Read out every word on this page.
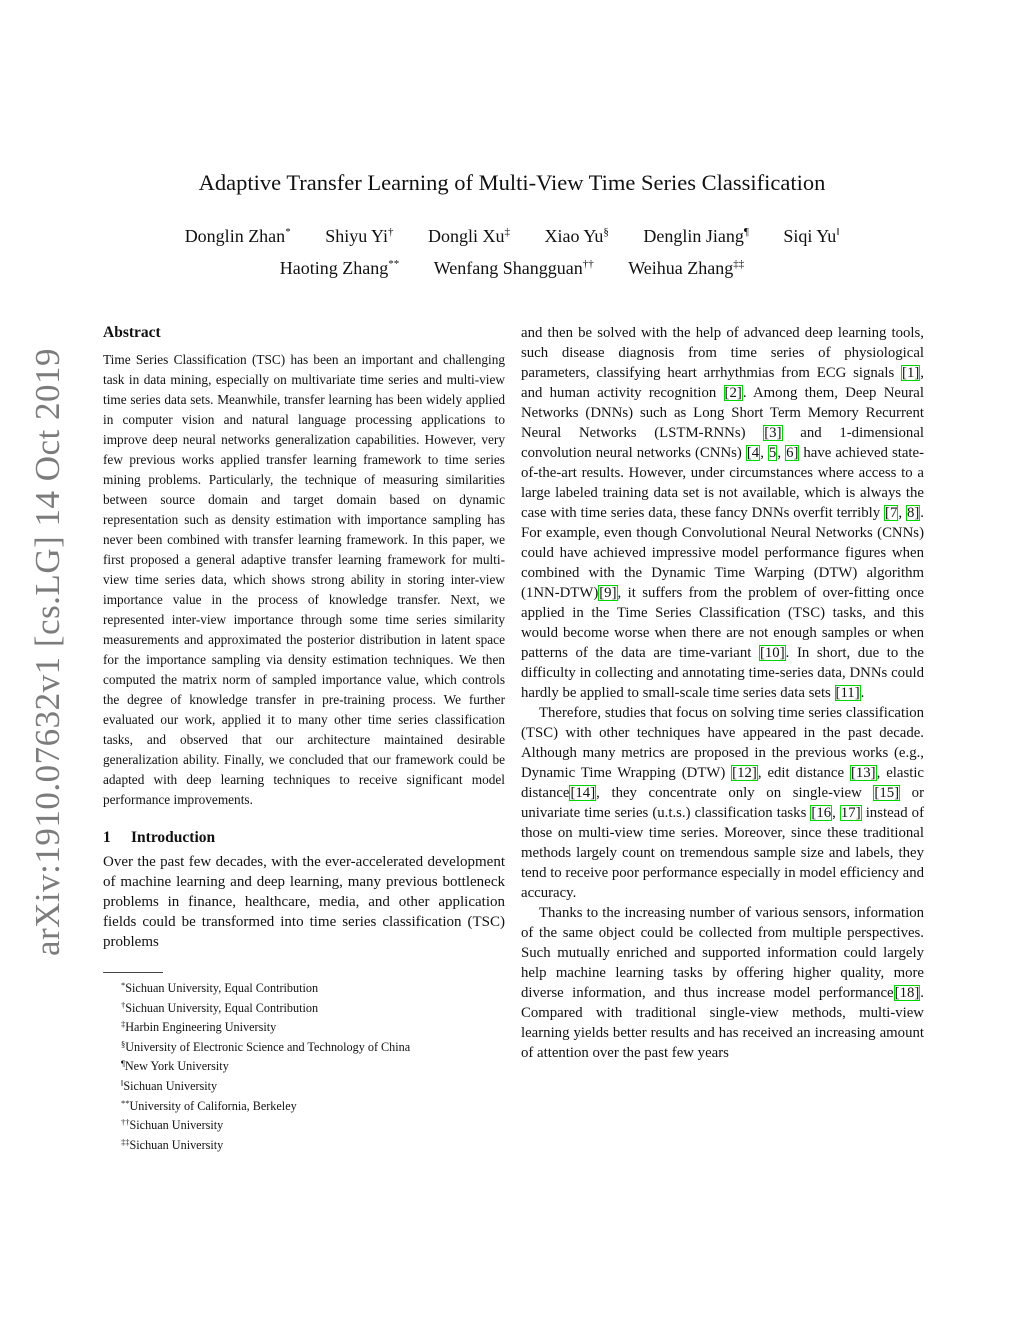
arXiv:1910.07632v1 [cs.LG] 14 Oct 2019
Adaptive Transfer Learning of Multi-View Time Series Classification
Donglin Zhan* Shiyu Yi† Dongli Xu‡ Xiao Yu§ Denglin Jiang¶ Siqi Yu‖
Haoting Zhang** Wenfang Shangguan†† Weihua Zhang‡‡
Abstract

Time Series Classification (TSC) has been an important and challenging task in data mining, especially on multivariate time series and multi-view time series data sets. Meanwhile, transfer learning has been widely applied in computer vision and natural language processing applications to improve deep neural networks generalization capabilities. However, very few previous works applied transfer learning framework to time series mining problems. Particularly, the technique of measuring similarities between source domain and target domain based on dynamic representation such as density estimation with importance sampling has never been combined with transfer learning framework. In this paper, we first proposed a general adaptive transfer learning framework for multi-view time series data, which shows strong ability in storing inter-view importance value in the process of knowledge transfer. Next, we represented inter-view importance through some time series similarity measurements and approximated the posterior distribution in latent space for the importance sampling via density estimation techniques. We then computed the matrix norm of sampled importance value, which controls the degree of knowledge transfer in pre-training process. We further evaluated our work, applied it to many other time series classification tasks, and observed that our architecture maintained desirable generalization ability. Finally, we concluded that our framework could be adapted with deep learning techniques to receive significant model performance improvements.

1 Introduction

Over the past few decades, with the ever-accelerated development of machine learning and deep learning, many previous bottleneck problems in finance, healthcare, media, and other application fields could be transformed into time series classification (TSC) problems

*Sichuan University, Equal Contribution
†Sichuan University, Equal Contribution
‡Harbin Engineering University
§University of Electronic Science and Technology of China
¶New York University
‖Sichuan University
**University of California, Berkeley
††Sichuan University
‡‡Sichuan University

and then be solved with the help of advanced deep learning tools, such disease diagnosis from time series of physiological parameters, classifying heart arrhythmias from ECG signals [1], and human activity recognition [2]. Among them, Deep Neural Networks (DNNs) such as Long Short Term Memory Recurrent Neural Networks (LSTM-RNNs) [3] and 1-dimensional convolution neural networks (CNNs) [4, 5, 6] have achieved state-of-the-art results. However, under circumstances where access to a large labeled training data set is not available, which is always the case with time series data, these fancy DNNs overfit terribly [7, 8]. For example, even though Convolutional Neural Networks (CNNs) could have achieved impressive model performance figures when combined with the Dynamic Time Warping (DTW) algorithm (1NN-DTW)[9], it suffers from the problem of over-fitting once applied in the Time Series Classification (TSC) tasks, and this would become worse when there are not enough samples or when patterns of the data are time-variant [10]. In short, due to the difficulty in collecting and annotating time-series data, DNNs could hardly be applied to small-scale time series data sets [11].

Therefore, studies that focus on solving time series classification (TSC) with other techniques have appeared in the past decade. Although many metrics are proposed in the previous works (e.g., Dynamic Time Wrapping (DTW) [12], edit distance [13], elastic distance[14], they concentrate only on single-view [15] or univariate time series (u.t.s.) classification tasks [16, 17] instead of those on multi-view time series. Moreover, since these traditional methods largely count on tremendous sample size and labels, they tend to receive poor performance especially in model efficiency and accuracy.

Thanks to the increasing number of various sensors, information of the same object could be collected from multiple perspectives. Such mutually enriched and supported information could largely help machine learning tasks by offering higher quality, more diverse information, and thus increase model performance[18]. Compared with traditional single-view methods, multi-view learning yields better results and has received an increasing amount of attention over the past few years
